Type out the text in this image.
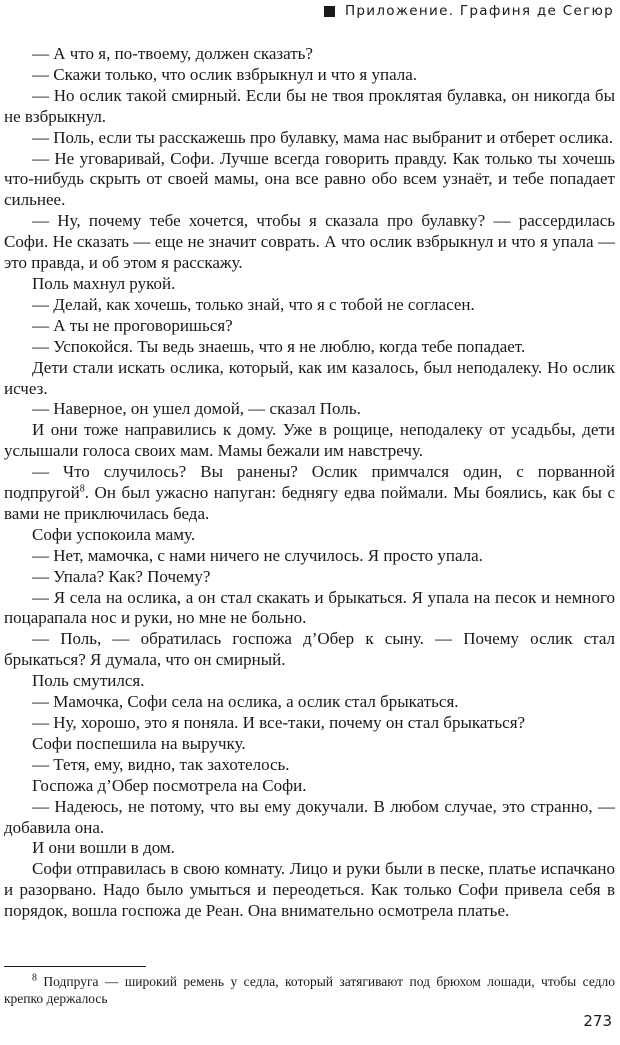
Приложение. Графиня де Сегюр

— А что я, по-твоему, должен сказать?

— Скажи только, что ослик взбрыкнул и что я упала.

— Но ослик такой смирный. Если бы не твоя проклятая булавка, он никогда бы не взбрыкнул.

— Поль, если ты расскажешь про булавку, мама нас выбранит и отберет ослика.

— Не уговаривай, Софи. Лучше всегда говорить правду. Как только ты хочешь что-нибудь скрыть от своей мамы, она все равно обо всем узнаёт, и тебе попадает сильнее.

— Ну, почему тебе хочется, чтобы я сказала про булавку? — рассердилась Софи. Не сказать — еще не значит соврать. А что ослик взбрыкнул и что я упала — это правда, и об этом я расскажу.

Поль махнул рукой.

— Делай, как хочешь, только знай, что я с тобой не согласен.

— А ты не проговоришься?

— Успокойся. Ты ведь знаешь, что я не люблю, когда тебе попадает.

Дети стали искать ослика, который, как им казалось, был неподалеку. Но ослик исчез.

— Наверное, он ушел домой, — сказал Поль.

И они тоже направились к дому. Уже в рощице, неподалеку от усадьбы, дети услышали голоса своих мам. Мамы бежали им навстречу.

— Что случилось? Вы ранены? Ослик примчался один, с порванной подпругой$^8$. Он был ужасно напуган: беднягу едва поймали. Мы боялись, как бы с вами не приключилась беда.

Софи успокоила маму.

— Нет, мамочка, с нами ничего не случилось. Я просто упала.

— Упала? Как? Почему?

— Я села на ослика, а он стал скакать и брыкаться. Я упала на песок и немного поцарапала нос и руки, но мне не больно.

— Поль, — обратилась госпожа д’Обер к сыну. — Почему ослик стал брыкаться? Я думала, что он смирный.

Поль смутился.

— Мамочка, Софи села на ослика, а ослик стал брыкаться.

— Ну, хорошо, это я поняла. И все-таки, почему он стал брыкаться?

Софи поспешила на выручку.

— Тетя, ему, видно, так захотелось.

Госпожа д’Обер посмотрела на Софи.

— Надеюсь, не потому, что вы ему докучали. В любом случае, это странно, — добавила она.

И они вошли в дом.

Софи отправилась в свою комнату. Лицо и руки были в песке, платье испачкано и разорвано. Надо было умыться и переодеться. Как только Софи привела себя в порядок, вошла госпожа де Реан. Она внимательно осмотрела платье.

$^8$ Подпруга — широкий ремень у седла, который затягивают под брюхом лошади, чтобы седло крепко держалось

273
